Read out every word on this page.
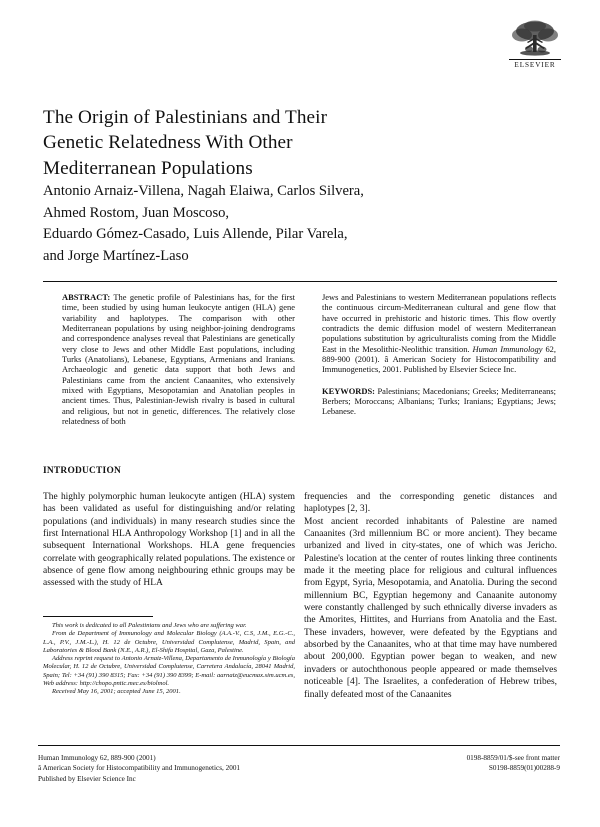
ELSEVIER
The Origin of Palestinians and Their
Genetic Relatedness With Other
Mediterranean Populations
Antonio Arnaiz-Villena, Nagah Elaiwa, Carlos Silvera,
Ahmed Rostom, Juan Moscoso,
Eduardo Gómez-Casado, Luis Allende, Pilar Varela,
and Jorge Martínez-Laso
ABSTRACT: The genetic profile of Palestinians has, for the first time, been studied by using human leukocyte antigen (HLA) gene variability and haplotypes. The comparison with other Mediterranean populations by using neighbor-joining dendrograms and correspondence analyses reveal that Palestinians are genetically very close to Jews and other Middle East populations, including Turks (Anatolians), Lebanese, Egyptians, Armenians and Iranians. Archaeologic and genetic data support that both Jews and Palestinians came from the ancient Canaanites, who extensively mixed with Egyptians, Mesopotamian and Anatolian peoples in ancient times. Thus, Palestinian-Jewish rivalry is based in cultural and religious, but not in genetic, differences. The relatively close relatedness of both
Jews and Palestinians to western Mediterranean populations reflects the continuous circum-Mediterranean cultural and gene flow that have occurred in prehistoric and historic times. This flow overtly contradicts the demic diffusion model of western Mediterranean populations substitution by agriculturalists coming from the Middle East in the Mesolithic-Neolithic transition. Human Immunology 62, 889-900 (2001). â American Society for Histocompatibility and Immunogenetics, 2001. Published by Elsevier Sciece Inc.
KEYWORDS: Palestinians; Macedonians; Greeks; Mediterraneans; Berbers; Moroccans; Albanians; Turks; Iranians; Egyptians; Jews; Lebanese.
INTRODUCTION
The highly polymorphic human leukocyte antigen (HLA) system has been validated as useful for distinguishing and/or relating populations (and individuals) in many research studies since the first International HLA Anthropology Workshop [1] and in all the subsequent International Workshops. HLA gene frequencies correlate with geographically related populations. The existence or absence of gene flow among neighbouring ethnic groups may be assessed with the study of HLA
frequencies and the corresponding genetic distances and haplotypes [2, 3].
Most ancient recorded inhabitants of Palestine are named Canaanites (3rd millennium BC or more ancient). They became urbanized and lived in city-states, one of which was Jericho. Palestine's location at the center of routes linking three continents made it the meeting place for religious and cultural influences from Egypt, Syria, Mesopotamia, and Anatolia. During the second millennium BC, Egyptian hegemony and Canaanite autonomy were constantly challenged by such ethnically diverse invaders as the Amorites, Hittites, and Hurrians from Anatolia and the East. These invaders, however, were defeated by the Egyptians and absorbed by the Canaanites, who at that time may have numbered about 200,000. Egyptian power began to weaken, and new invaders or autochthonous people appeared or made themselves noticeable [4]. The Israelites, a confederation of Hebrew tribes, finally defeated most of the Canaanites

This work is dedicated to all Palestinians and Jews who are suffering war.

From de Department of Immunology and Molecular Biology (A.A.-V., C.S, J.M., E.G.-C., L.A., P.V., J.M.-L.), H. 12 de Octubre, Universidad Complutense, Madrid, Spain, and Laboratories & Blood Bank (N.E., A.R.), El-Shifa Hospital, Gaza, Palestine.

Address reprint request to Antonio Arnaiz-Villena, Departamento de Inmunología y Biología Molecular, H. 12 de Octubre, Universidad Complutense, Carretera Andalucía, 28041 Madrid, Spain; Tel: +34 (91) 390 8315; Fax: +34 (91) 390 8399; E-mail: aarnaiz@eucmax.sim.ucm.es, Web address: http://chopo.pntic.mec.es/biolmol.

Received May 16, 2001; accepted June 15, 2001.

Human Immunology 62, 889-900 (2001)
â American Society for Histocompatibility and Immunogenetics, 2001
Published by Elsevier Science Inc
0198-8859/01/$-see front matter
S0198-8859(01)00288-9
